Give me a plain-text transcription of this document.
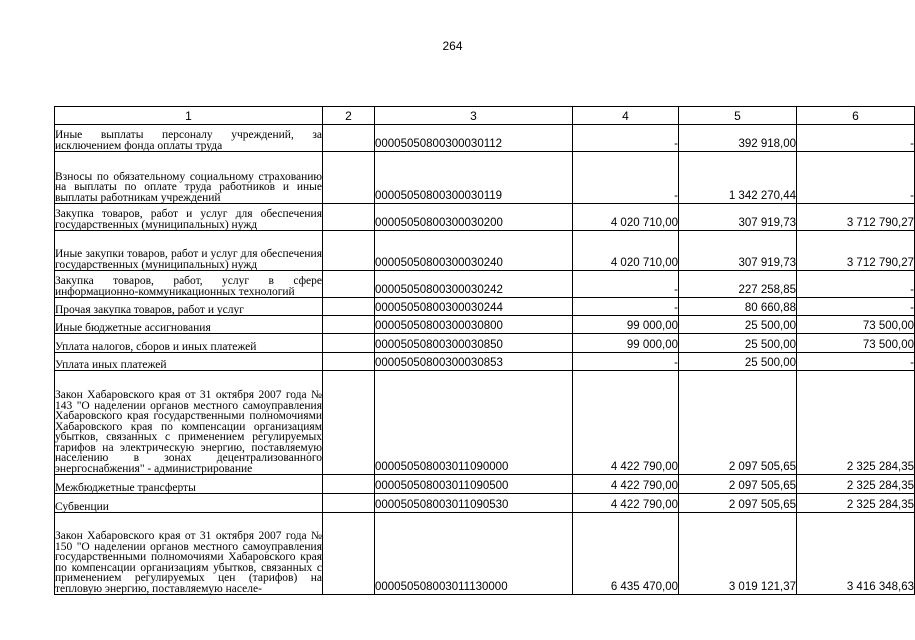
264
1	2	3	4	5	6
Иные выплаты персоналу учреждений, за исключением фонда оплаты труда		00005050800300030112	-	392 918,00	-
Взносы по обязательному социальному страхованию на выплаты по оплате труда работников и иные выплаты работникам учреждений		00005050800300030119	-	1 342 270,44	-
Закупка товаров, работ и услуг для обеспечения государственных (муниципальных) нужд		00005050800300030200	4 020 710,00	307 919,73	3 712 790,27
Иные закупки товаров, работ и услуг для обеспечения государственных (муниципальных) нужд		00005050800300030240	4 020 710,00	307 919,73	3 712 790,27
Закупка товаров, работ, услуг в сфере информационно-коммуникационных технологий		00005050800300030242	-	227 258,85	-
Прочая закупка товаров, работ и услуг		00005050800300030244	-	80 660,88	-
Иные бюджетные ассигнования		00005050800300030800	99 000,00	25 500,00	73 500,00
Уплата налогов, сборов и иных платежей		00005050800300030850	99 000,00	25 500,00	73 500,00
Уплата иных платежей		00005050800300030853	-	25 500,00	-
Закон Хабаровского края от 31 октября 2007 года № 143 "О наделении органов местного самоуправления Хабаровского края государственными полномочиями Хабаровского края по компенсации организациям убытков, связанных с применением регулируемых тарифов на электрическую энергию, поставляемую населению в зонах децентрализованного энергоснабжения" - администрирование		000050508003011090000	4 422 790,00	2 097 505,65	2 325 284,35
Межбюджетные трансферты		000050508003011090500	4 422 790,00	2 097 505,65	2 325 284,35
Субвенции		000050508003011090530	4 422 790,00	2 097 505,65	2 325 284,35
Закон Хабаровского края от 31 октября 2007 года № 150 "О наделении органов местного самоуправления государственными полномочиями Хабаровского края по компенсации организациям убытков, связанных с применением регулируемых цен (тарифов) на тепловую энергию, поставляемую населе-		000050508003011130000	6 435 470,00	3 019 121,37	3 416 348,63
